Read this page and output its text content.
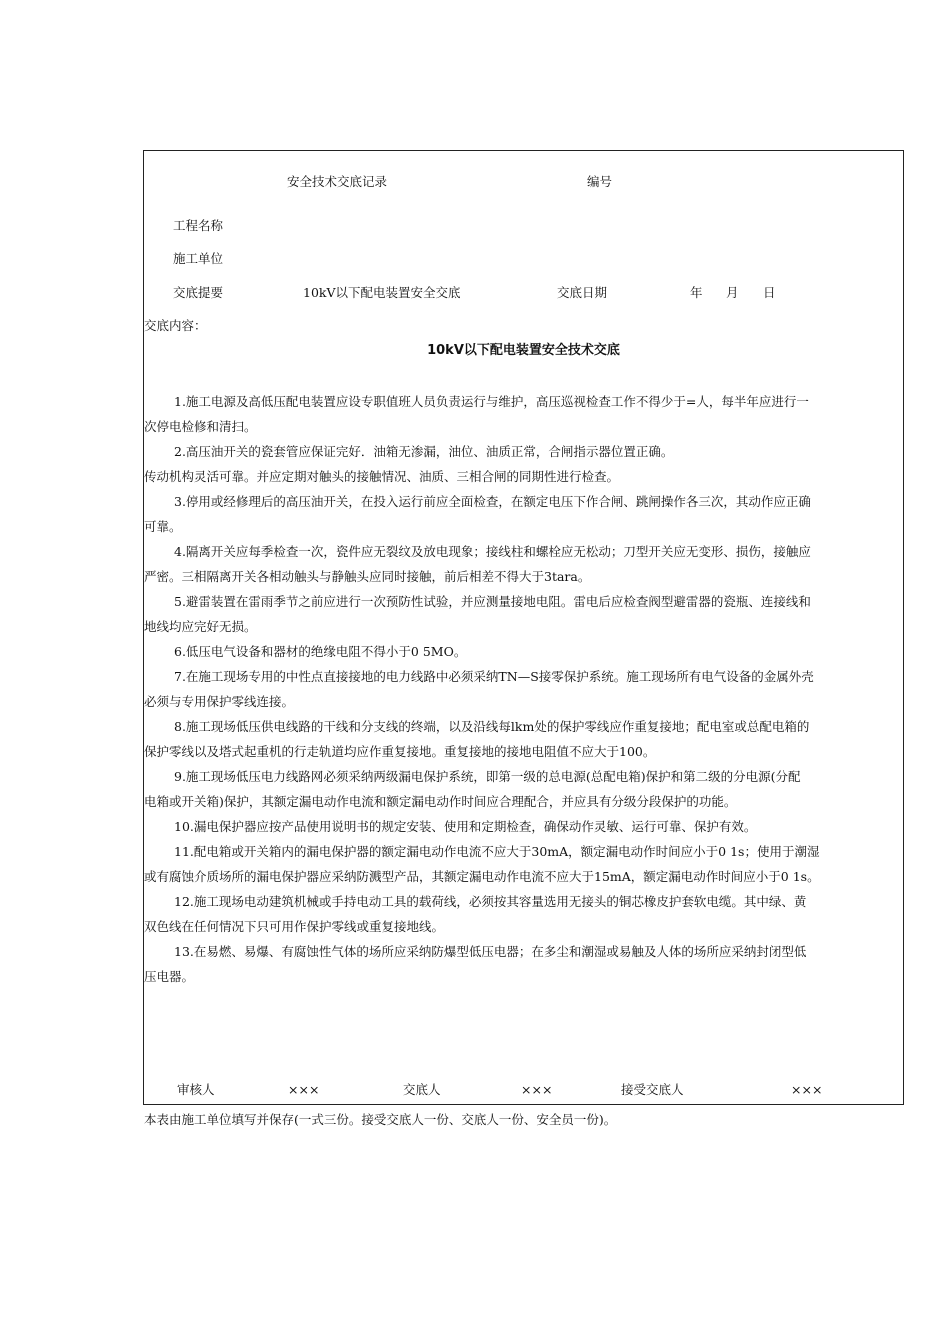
安全技术交底记录	编号
工程名称
施工单位
交底提要	10kV以下配电装置安全交底	交底日期	年 月 日
交底内容：
10kV以下配电装置安全技术交底
1.施工电源及高低压配电装置应设专职值班人员负责运行与维护，高压巡视检查工作不得少于=人，每半年应进行一
次停电检修和清扫。
2.高压油开关的瓷套管应保证完好．油箱无渗漏，油位、油质正常，合闸指示器位置正确。
传动机构灵活可靠。并应定期对触头的接触情况、油质、三相合闸的同期性进行检查。
3.停用或经修理后的高压油开关，在投入运行前应全面检查，在额定电压下作合闸、跳闸操作各三次，其动作应正确
可靠。
4.隔离开关应每季检查一次，瓷件应无裂纹及放电现象；接线柱和螺栓应无松动；刀型开关应无变形、损伤，接触应
严密。三相隔离开关各相动触头与静触头应同时接触，前后相差不得大于3tara。
5.避雷装置在雷雨季节之前应进行一次预防性试验，并应测量接地电阻。雷电后应检查阀型避雷器的瓷瓶、连接线和
地线均应完好无损。
6.低压电气设备和器材的绝缘电阻不得小于0 5MO。
7.在施工现场专用的中性点直接接地的电力线路中必须采纳TN—S接零保护系统。施工现场所有电气设备的金属外壳
必须与专用保护零线连接。
8.施工现场低压供电线路的干线和分支线的终端，以及沿线每lkm处的保护零线应作重复接地；配电室或总配电箱的
保护零线以及塔式起重机的行走轨道均应作重复接地。重复接地的接地电阻值不应大于100。
9.施工现场低压电力线路网必须采纳两级漏电保护系统，即第一级的总电源(总配电箱)保护和第二级的分电源(分配
电箱或开关箱)保护，其额定漏电动作电流和额定漏电动作时间应合理配合，并应具有分级分段保护的功能。
10.漏电保护器应按产品使用说明书的规定安装、使用和定期检查，确保动作灵敏、运行可靠、保护有效。
11.配电箱或开关箱内的漏电保护器的额定漏电动作电流不应大于30mA，额定漏电动作时间应小于0 1s；使用于潮湿
或有腐蚀介质场所的漏电保护器应采纳防溅型产品，其额定漏电动作电流不应大于15mA，额定漏电动作时间应小于0 1s。
12.施工现场电动建筑机械或手持电动工具的载荷线，必须按其容量选用无接头的铜芯橡皮护套软电缆。其中绿、黄
双色线在任何情况下只可用作保护零线或重复接地线。
13.在易燃、易爆、有腐蚀性气体的场所应采纳防爆型低压电器；在多尘和潮湿或易触及人体的场所应采纳封闭型低
压电器。
审核人	×××	交底人	×××	接受交底人	×××
本表由施工单位填写并保存(一式三份。接受交底人一份、交底人一份、安全员一份)。
